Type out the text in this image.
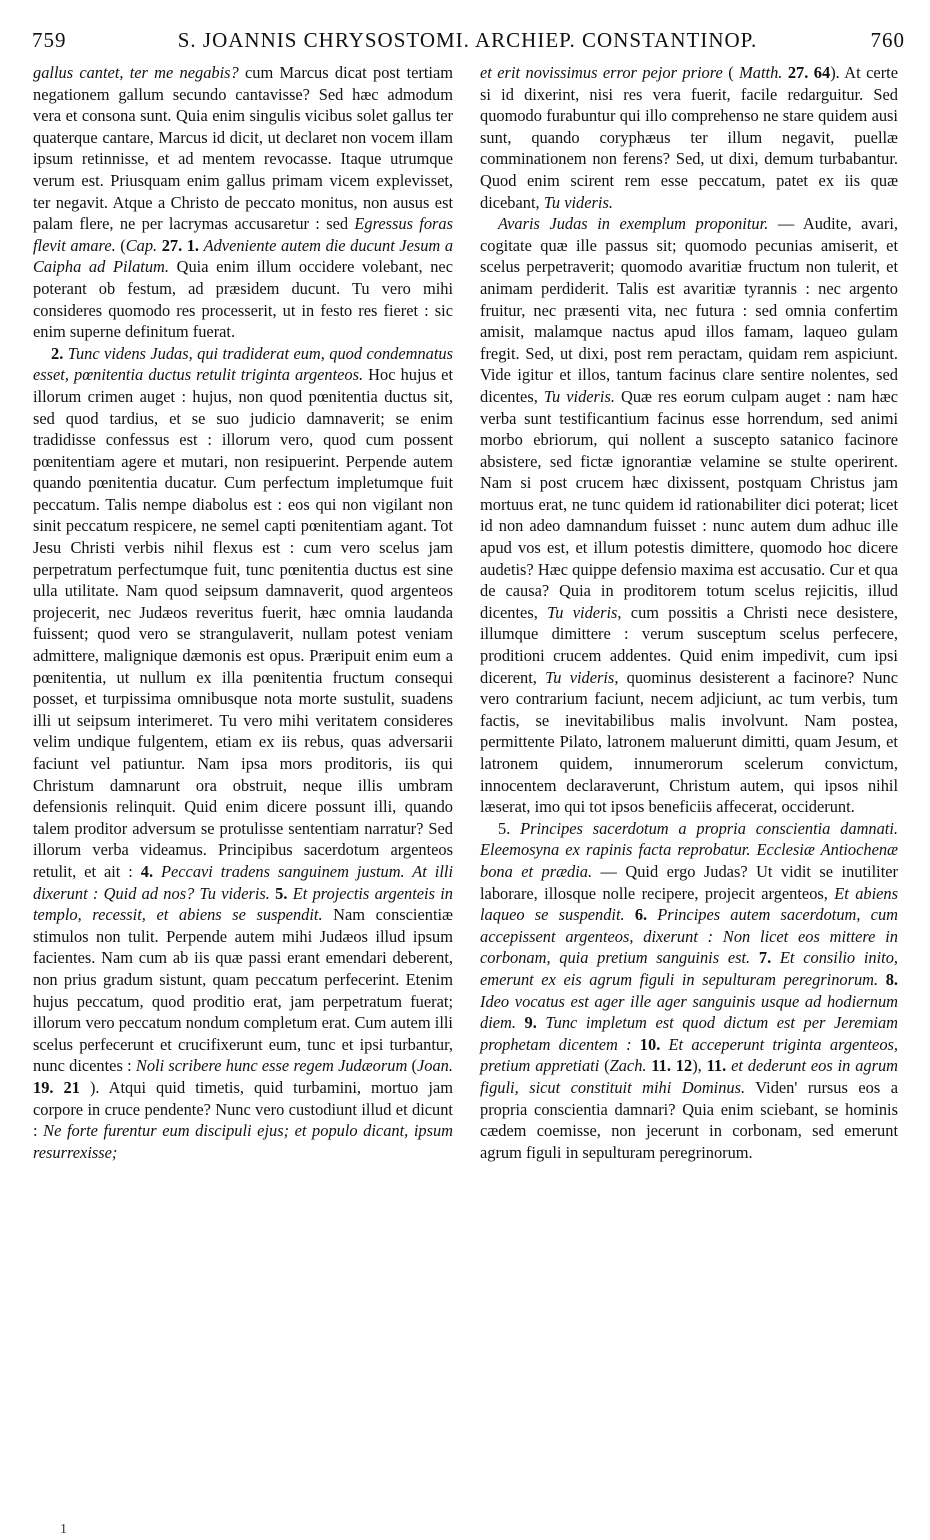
759	S. JOANNIS CHRYSOSTOMI. ARCHIEP. CONSTANTINOP.	760

gallus cantet, ter me negabis? cum Marcus dicat post tertiam negationem gallum secundo cantavisse? Sed hæc admodum vera et consona sunt. Quia enim singulis vicibus solet gallus ter quaterque cantare, Marcus id dicit, ut declaret non vocem illam ipsum retinnisse, et ad mentem revocasse. Itaque utrumque verum est. Priusquam enim gallus primam vicem explevisset, ter negavit. Atque a Christo de peccato monitus, non ausus est palam flere, ne per lacrymas accusaretur : sed Egressus foras flevit amare. (Cap. 27. 1. Adveniente autem die ducunt Jesum a Caipha ad Pilatum. Quia enim illum occidere volebant, nec poterant ob festum, ad præsidem ducunt. Tu vero mihi consideres quomodo res processerit, ut in festo res fieret : sic enim superne definitum fuerat.

2. Tunc videns Judas, qui tradiderat eum, quod condemnatus esset, pœnitentia ductus retulit triginta argenteos. Hoc hujus et illorum crimen auget : hujus, non quod pœnitentia ductus sit, sed quod tardius, et se suo judicio damnaverit; se enim tradidisse confessus est : illorum vero, quod cum possent pœnitentiam agere et mutari, non resipuerint. Perpende autem quando pœnitentia ducatur. Cum perfectum impletumque fuit peccatum. Talis nempe diabolus est : eos qui non vigilant non sinit peccatum respicere, ne semel capti pœnitentiam agant. Tot Jesu Christi verbis nihil flexus est : cum vero scelus jam perpetratum perfectumque fuit, tunc pœnitentia ductus est sine ulla utilitate. Nam quod seipsum damnaverit, quod argenteos projecerit, nec Judæos reveritus fuerit, hæc omnia laudanda fuissent; quod vero se strangulaverit, nullam potest veniam admittere, malignique dæmonis est opus. Præripuit enim eum a pœnitentia, ut nullum ex illa pœnitentia fructum consequi posset, et turpissima omnibusque nota morte sustulit, suadens illi ut seipsum interimeret. Tu vero mihi veritatem consideres velim undique fulgentem, etiam ex iis rebus, quas adversarii faciunt vel patiuntur. Nam ipsa mors proditoris, iis qui Christum damnarunt ora obstruit, neque illis umbram defensionis relinquit. Quid enim dicere possunt illi, quando talem proditor adversum se protulisse sententiam narratur? Sed illorum verba videamus. Principibus sacerdotum argenteos retulit, et ait : 4. Peccavi tradens sanguinem justum. At illi dixerunt : Quid ad nos? Tu videris. 5. Et projectis argenteis in templo, recessit, et abiens se suspendit. Nam conscientiæ stimulos non tulit. Perpende autem mihi Judæos illud ipsum facientes. Nam cum ab iis quæ passi erant emendari deberent, non prius gradum sistunt, quam peccatum perfecerint. Etenim hujus peccatum, quod proditio erat, jam perpetratum fuerat; illorum vero peccatum nondum completum erat. Cum autem illi scelus perfecerunt et crucifixerunt eum, tunc et ipsi turbantur, nunc dicentes : Noli scribere hunc esse regem Judæorum (Joan. 19. 21 ). Atqui quid timetis, quid turbamini, mortuo jam corpore in cruce pendente? Nunc vero custodiunt illud et dicunt : Ne forte furentur eum discipuli ejus; et populo dicant, ipsum resurrexisse;

et erit novissimus error pejor priore ( Matth. 27. 64). At certe si id dixerint, nisi res vera fuerit, facile redarguitur. Sed quomodo furabuntur qui illo comprehenso ne stare quidem ausi sunt, quando coryphæus ter illum negavit, puellæ comminationem non ferens? Sed, ut dixi, demum turbabantur. Quod enim scirent rem esse peccatum, patet ex iis quæ dicebant, Tu videris.

Avaris Judas in exemplum proponitur. — Audite, avari, cogitate quæ ille passus sit; quomodo pecunias amiserit, et scelus perpetraverit; quomodo avaritiæ fructum non tulerit, et animam perdiderit. Talis est avaritiæ tyrannis : nec argento fruitur, nec præsenti vita, nec futura : sed omnia confertim amisit, malamque nactus apud illos famam, laqueo gulam fregit. Sed, ut dixi, post rem peractam, quidam rem aspiciunt. Vide igitur et illos, tantum facinus clare sentire nolentes, sed dicentes, Tu videris. Quæ res eorum culpam auget : nam hæc verba sunt testificantium facinus esse horrendum, sed animi morbo ebriorum, qui nollent a suscepto satanico facinore absistere, sed fictæ ignorantiæ velamine se stulte operirent. Nam si post crucem hæc dixissent, postquam Christus jam mortuus erat, ne tunc quidem id rationabiliter dici poterat; licet id non adeo damnandum fuisset : nunc autem dum adhuc ille apud vos est, et illum potestis dimittere, quomodo hoc dicere audetis? Hæc quippe defensio maxima est accusatio. Cur et qua de causa? Quia in proditorem totum scelus rejicitis, illud dicentes, Tu videris, cum possitis a Christi nece desistere, illumque dimittere : verum susceptum scelus perfecere, proditioni crucem addentes. Quid enim impedivit, cum ipsi dicerent, Tu videris, quominus desisterent a facinore? Nunc vero contrarium faciunt, necem adjiciunt, ac tum verbis, tum factis, se inevitabilibus malis involvunt. Nam postea, permittente Pilato, latronem maluerunt dimitti, quam Jesum, et latronem quidem, innumerorum scelerum convictum, innocentem declaraverunt, Christum autem, qui ipsos nihil læserat, imo qui tot ipsos beneficiis affecerat, occiderunt.

5. Principes sacerdotum a propria conscientia damnati. Eleemosyna ex rapinis facta reprobatur. Ecclesiæ Antiochenæ bona et prædia. — Quid ergo Judas? Ut vidit se inutiliter laborare, illosque nolle recipere, projecit argenteos, Et abiens laqueo se suspendit. 6. Principes autem sacerdotum, cum accepissent argenteos, dixerunt : Non licet eos mittere in corbonam, quia pretium sanguinis est. 7. Et consilio inito, emerunt ex eis agrum figuli in sepulturam peregrinorum. 8. Ideo vocatus est ager ille ager sanguinis usque ad hodiernum diem. 9. Tunc impletum est quod dictum est per Jeremiam prophetam dicentem : 10. Et acceperunt triginta argenteos, pretium appretiati (Zach. 11. 12), 11. et dederunt eos in agrum figuli, sicut constituit mihi Dominus. Viden' rursus eos a propria conscientia damnari? Quia enim sciebant, se hominis cædem coemisse, non jecerunt in corbonam, sed emerunt agrum figuli in sepulturam peregrinorum.

1
